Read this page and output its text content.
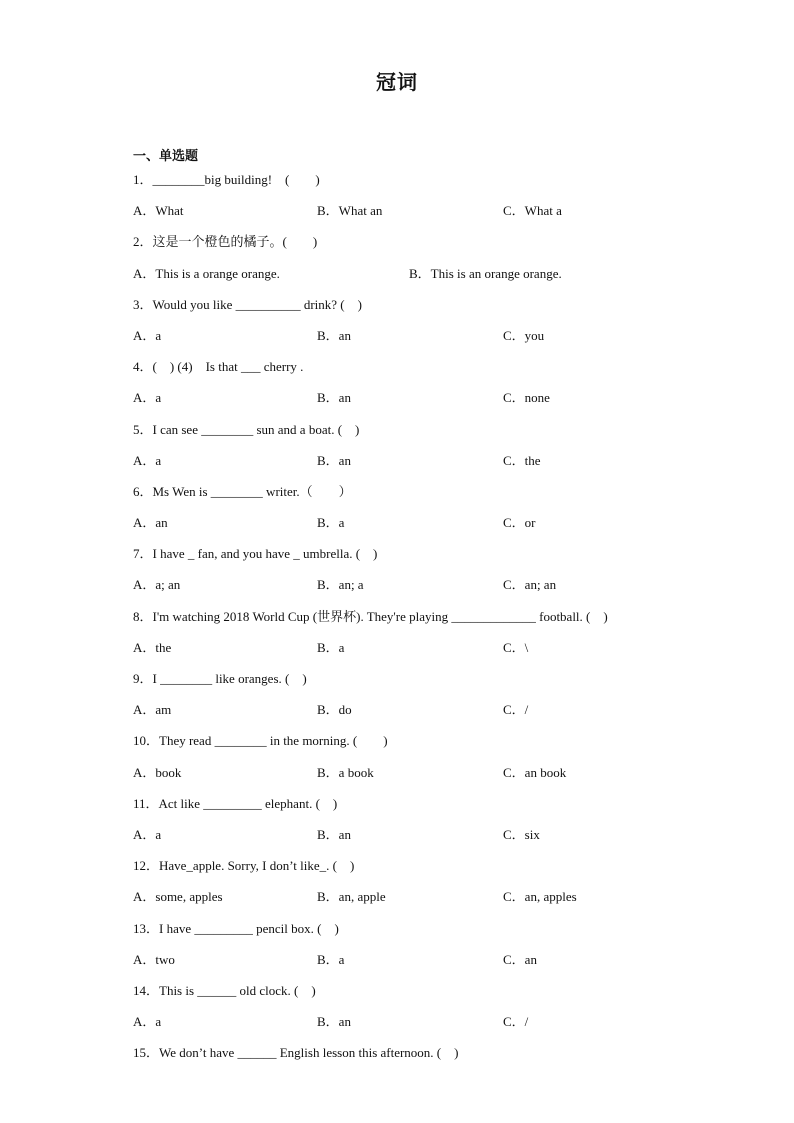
冠词
一、单选题
1．________big building!　(　　)
A．What	B．What an	C．What a
2．这是一个橙色的橘子。(　　)
A．This is a orange orange.	B．This is an orange orange.
3．Would you like __________ drink? (　)
A．a	B．an	C．you
4．(　) (4)　Is that ___ cherry .
A．a	B．an	C．none
5．I can see ________ sun and a boat. (　)
A．a	B．an	C．the
6．Ms Wen is ________ writer.（　　）
A．an	B．a	C．or
7．I have _ fan, and you have _ umbrella. (　)
A．a; an	B．an; a	C．an; an
8．I'm watching 2018 World Cup (世界杯). They're playing _____________ football. (　)
A．the	B．a	C．\
9．I ________ like oranges. (　)
A．am	B．do	C．/
10．They read ________ in the morning. (　　)
A．book	B．a book	C．an book
11．Act like _________ elephant. (　)
A．a	B．an	C．six
12．Have_apple. Sorry, I don’t like_. (　)
A．some, apples	B．an, apple	C．an, apples
13．I have _________ pencil box. (　)
A．two	B．a	C．an
14．This is ______ old clock. (　)
A．a	B．an	C．/
15．We don’t have ______ English lesson this afternoon. (　)
